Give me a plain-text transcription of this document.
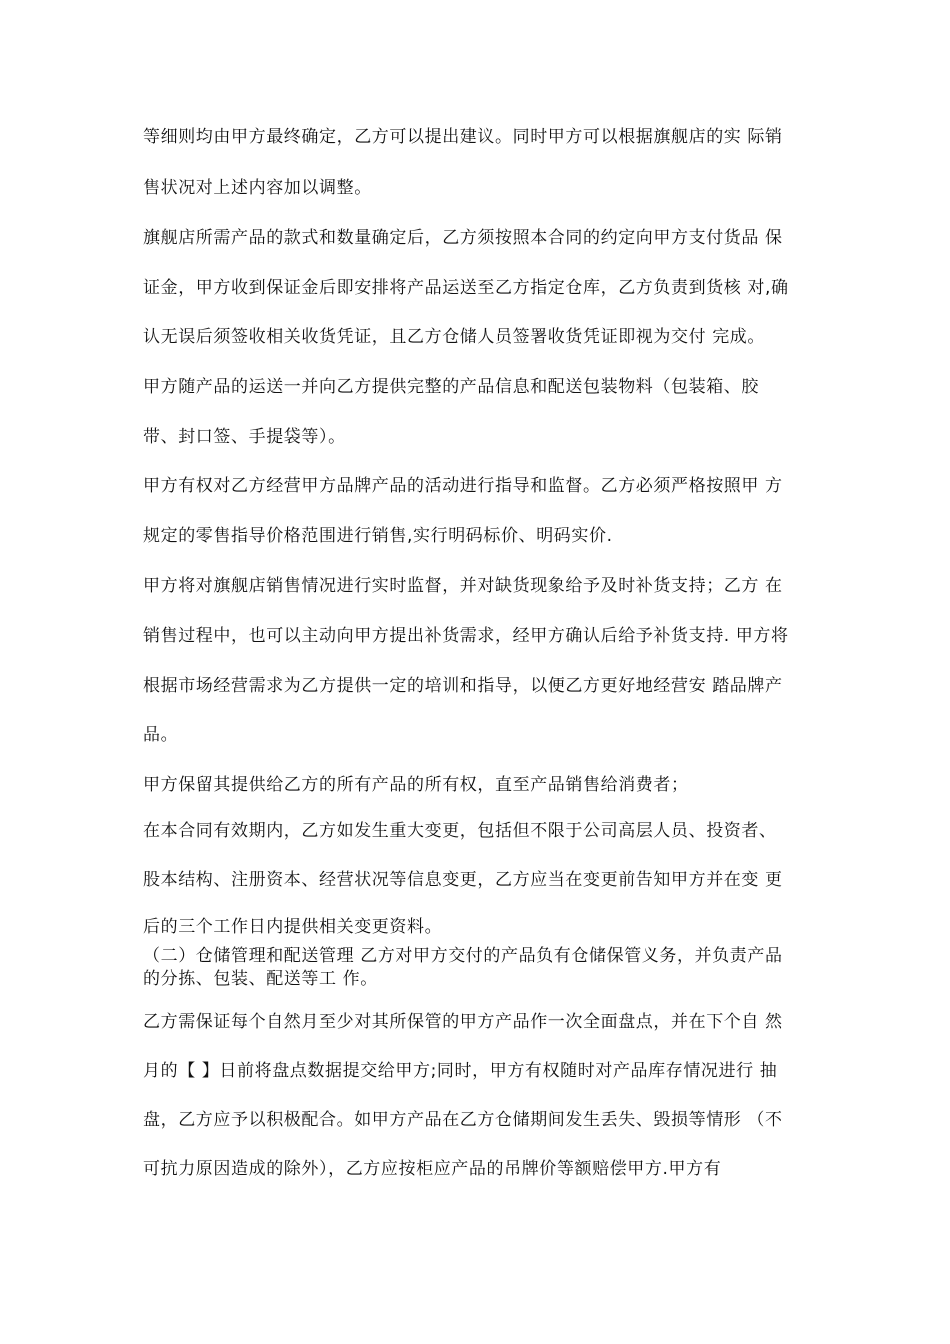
等细则均由甲方最终确定，乙方可以提出建议。同时甲方可以根据旗舰店的实 际销
售状况对上述内容加以调整。
旗舰店所需产品的款式和数量确定后，乙方须按照本合同的约定向甲方支付货品 保
证金，甲方收到保证金后即安排将产品运送至乙方指定仓库，乙方负责到货核 对,确
认无误后须签收相关收货凭证，且乙方仓储人员签署收货凭证即视为交付 完成。
甲方随产品的运送一并向乙方提供完整的产品信息和配送包装物料（包装箱、胶
带、封口签、手提袋等）。
甲方有权对乙方经营甲方品牌产品的活动进行指导和监督。乙方必须严格按照甲 方
规定的零售指导价格范围进行销售,实行明码标价、明码实价.
甲方将对旗舰店销售情况进行实时监督，并对缺货现象给予及时补货支持；乙方 在
销售过程中，也可以主动向甲方提出补货需求，经甲方确认后给予补货支持. 甲方将
根据市场经营需求为乙方提供一定的培训和指导，以便乙方更好地经营安 踏品牌产
品。
甲方保留其提供给乙方的所有产品的所有权，直至产品销售给消费者；
在本合同有效期内，乙方如发生重大变更，包括但不限于公司高层人员、投资者、
股本结构、注册资本、经营状况等信息变更，乙方应当在变更前告知甲方并在变 更
后的三个工作日内提供相关变更资料。
（二）仓储管理和配送管理 乙方对甲方交付的产品负有仓储保管义务，并负责产品
的分拣、包装、配送等工 作。
乙方需保证每个自然月至少对其所保管的甲方产品作一次全面盘点，并在下个自 然
月的【 】日前将盘点数据提交给甲方;同时，甲方有权随时对产品库存情况进行 抽
盘，乙方应予以积极配合。如甲方产品在乙方仓储期间发生丢失、毁损等情形 （不
可抗力原因造成的除外），乙方应按柜应产品的吊牌价等额赔偿甲方.甲方有
